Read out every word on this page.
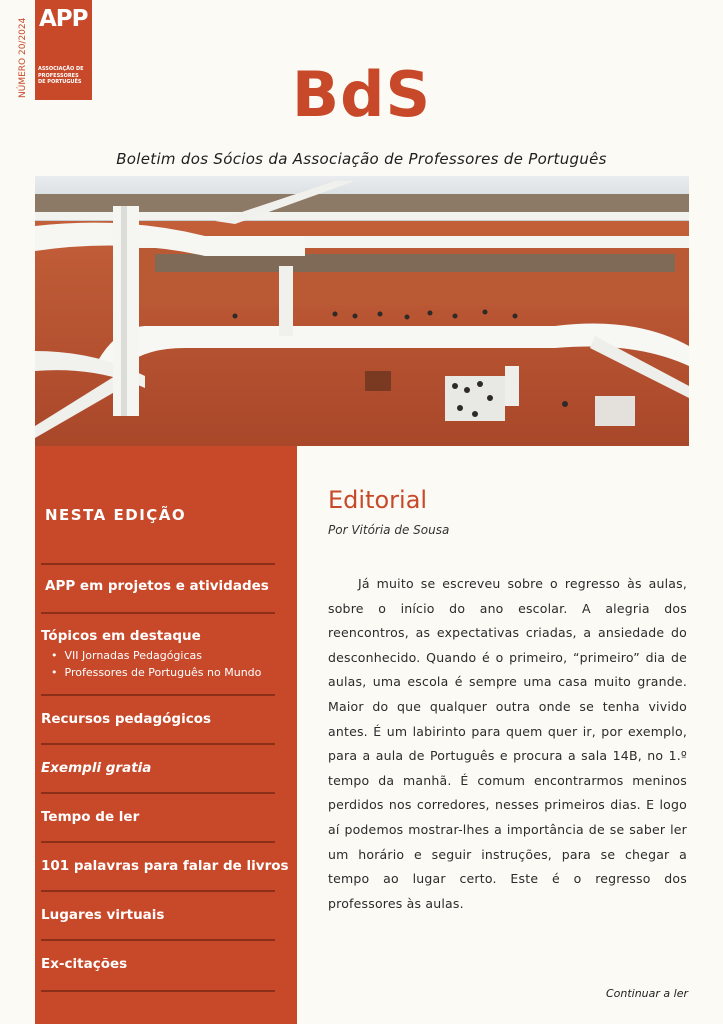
APP
ASSOCIAÇÃO DE
PROFESSORES
DE PORTUGUÊS
NÚMERO 20/2024	BdS
Boletim dos Sócios da Associação de Professores de Português
NESTA EDIÇÃO
APP em projetos e atividades
Tópicos em destaque
• VII Jornadas Pedagógicas
• Professores de Português no Mundo
Recursos pedagógicos
Exempli gratia
Tempo de ler
101 palavras para falar de livros
Lugares virtuais
Ex-citações
Editorial
Por Vitória de Sousa

Já muito se escreveu sobre o regresso às aulas, sobre o início do ano escolar. A alegria dos reencontros, as expectativas criadas, a ansiedade do desconhecido. Quando é o primeiro, “primeiro” dia de aulas, uma escola é sempre uma casa muito grande. Maior do que qualquer outra onde se tenha vivido antes. É um labirinto para quem quer ir, por exemplo, para a aula de Português e procura a sala 14B, no 1.º tempo da manhã. É comum encontrarmos meninos perdidos nos corredores, nesses primeiros dias. E logo aí podemos mostrar-lhes a importância de se saber ler um horário e seguir instruções, para se chegar a tempo ao lugar certo. Este é o regresso dos professores às aulas.

Continuar a ler
